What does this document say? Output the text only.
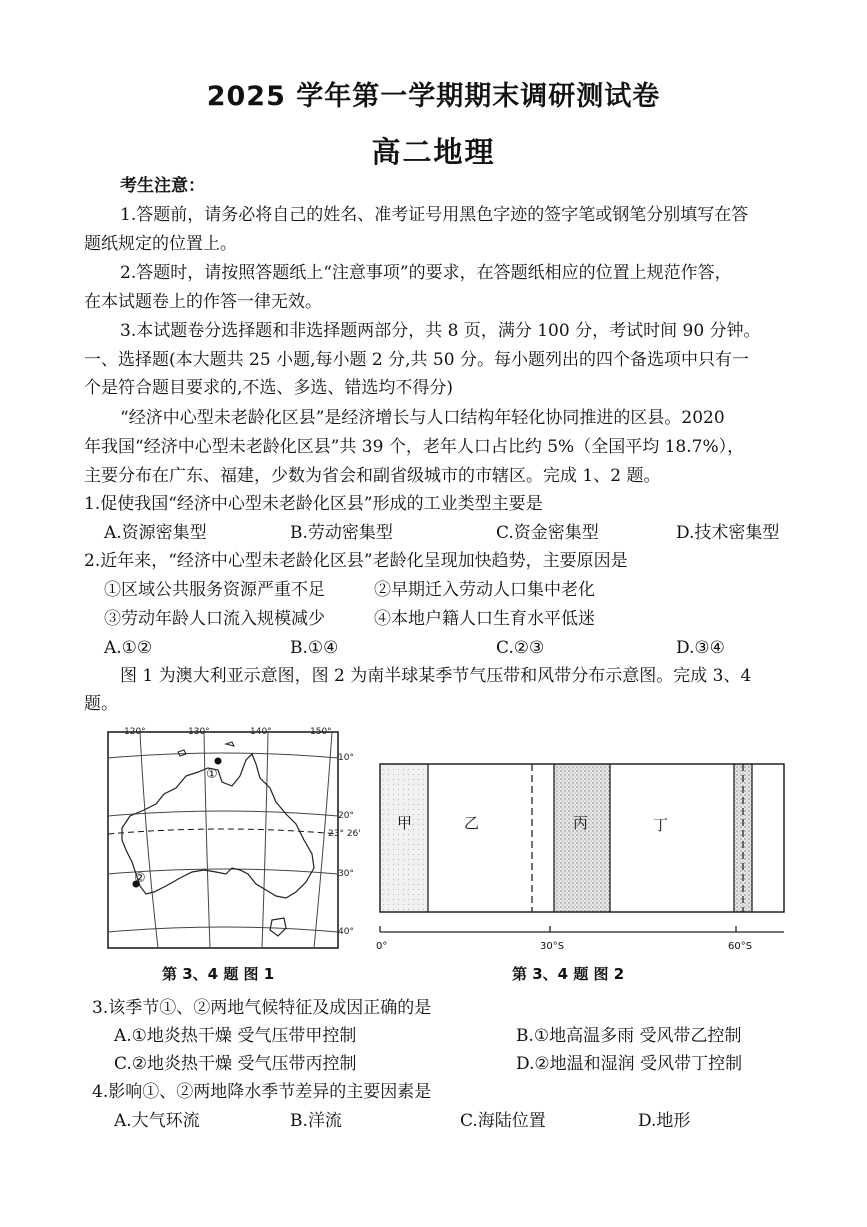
2025 学年第一学期期末调研测试卷
高二地理
考生注意：
1.答题前，请务必将自己的姓名、准考证号用黑色字迹的签字笔或钢笔分别填写在答
题纸规定的位置上。
2.答题时，请按照答题纸上“注意事项”的要求，在答题纸相应的位置上规范作答，
在本试题卷上的作答一律无效。
3.本试题卷分选择题和非选择题两部分，共 8 页，满分 100 分，考试时间 90 分钟。
一、选择题(本大题共 25 小题,每小题 2 分,共 50 分。每小题列出的四个备选项中只有一
个是符合题目要求的,不选、多选、错选均不得分)
“经济中心型未老龄化区县”是经济增长与人口结构年轻化协同推进的区县。2020
年我国“经济中心型未老龄化区县”共 39 个，老年人口占比约 5%（全国平均 18.7%），
主要分布在广东、福建，少数为省会和副省级城市的市辖区。完成 1、2 题。
1.促使我国“经济中心型未老龄化区县”形成的工业类型主要是
A.资源密集型	B.劳动密集型	C.资金密集型	D.技术密集型
2.近年来，“经济中心型未老龄化区县”老龄化呈现加快趋势，主要原因是
①区域公共服务资源严重不足	②早期迁入劳动人口集中老化
③劳动年龄人口流入规模减少	④本地户籍人口生育水平低迷
A.①②	B.①④	C.②③	D.③④
图 1 为澳大利亚示意图，图 2 为南半球某季节气压带和风带分布示意图。完成 3、4
题。
120°	130°	140°	150°
10°
20°
23° 26'
30°
40°
①
②
甲	乙	丙	丁
0°	30°S	60°S
第 3、4 题 图 1	第 3、4 题 图 2
3.该季节①、②两地气候特征及成因正确的是
A.①地炎热干燥 受气压带甲控制	B.①地高温多雨 受风带乙控制
C.②地炎热干燥 受气压带丙控制	D.②地温和湿润 受风带丁控制
4.影响①、②两地降水季节差异的主要因素是
A.大气环流	B.洋流	C.海陆位置	D.地形
